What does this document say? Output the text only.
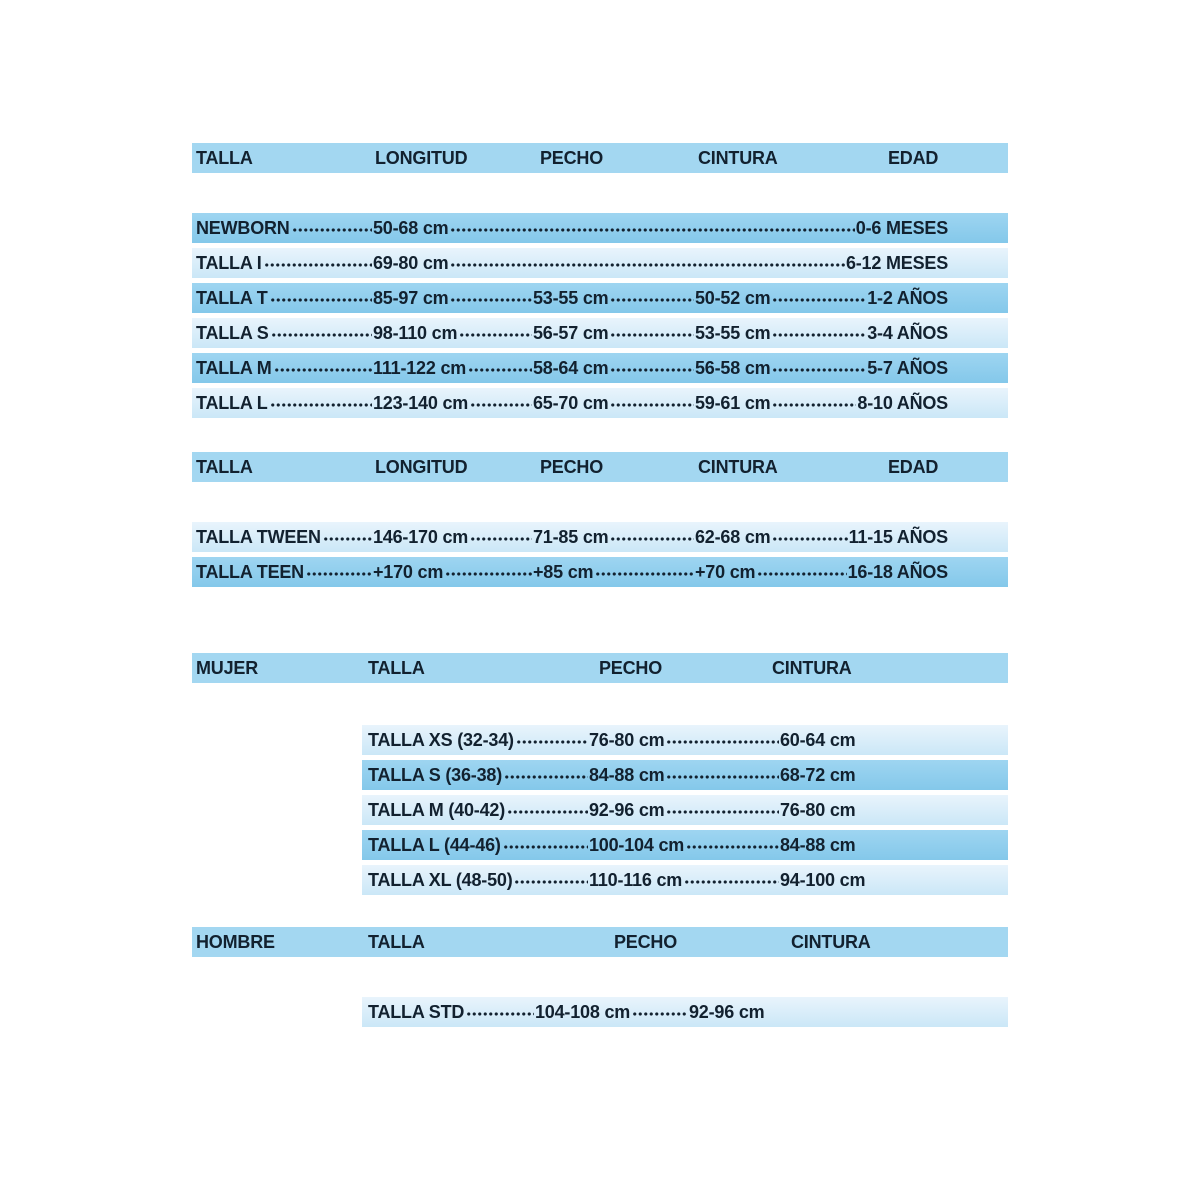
TALLA	LONGITUD	PECHO	CINTURA	EDAD
NEWBORN	50-68 cm	0-6 MESES
TALLA I	69-80 cm	6-12 MESES
TALLA T	85-97 cm	53-55 cm	50-52 cm	1-2 AÑOS
TALLA S	98-110 cm	56-57 cm	53-55 cm	3-4 AÑOS
TALLA M	111-122 cm	58-64 cm	56-58 cm	5-7 AÑOS
TALLA L	123-140 cm	65-70 cm	59-61 cm	8-10 AÑOS
TALLA	LONGITUD	PECHO	CINTURA	EDAD
TALLA TWEEN	146-170 cm	71-85 cm	62-68 cm	11-15 AÑOS
TALLA TEEN	+170 cm	+85 cm	+70 cm	16-18 AÑOS
MUJER	TALLA	PECHO	CINTURA
TALLA XS (32-34)	76-80 cm	60-64 cm
TALLA S (36-38)	84-88 cm	68-72 cm
TALLA M (40-42)	92-96 cm	76-80 cm
TALLA L (44-46)	100-104 cm	84-88 cm
TALLA XL (48-50)	110-116 cm	94-100 cm
HOMBRE	TALLA	PECHO	CINTURA
TALLA STD	104-108 cm	92-96 cm
